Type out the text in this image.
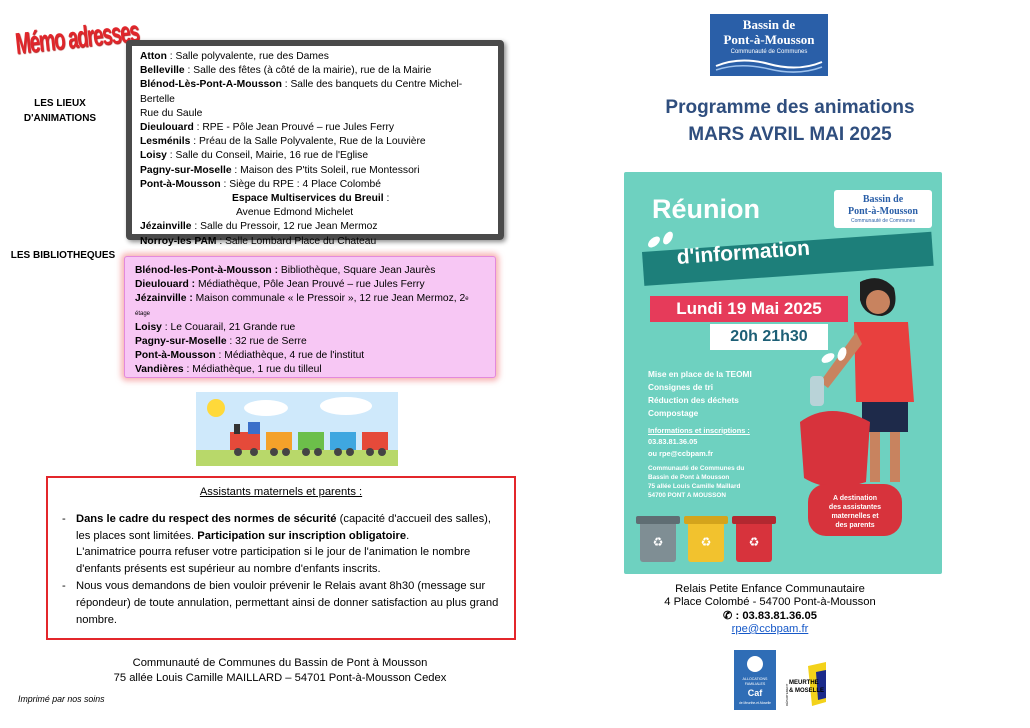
Mémo adresses
LES LIEUX
D'ANIMATIONS
LES BIBLIOTHEQUES
Atton : Salle polyvalente, rue des Dames
Belleville : Salle des fêtes (à côté de la mairie), rue de la Mairie
Blénod-Lès-Pont-A-Mousson : Salle des banquets du Centre Michel-Bertelle
Rue du Saule
Dieulouard : RPE - Pôle Jean Prouvé – rue Jules Ferry
Lesménils : Préau de la Salle Polyvalente, Rue de la Louvière
Loisy : Salle du Conseil, Mairie, 16 rue de l'Eglise
Pagny-sur-Moselle : Maison des P'tits Soleil, rue Montessori
Pont-à-Mousson : Siège du RPE : 4 Place Colombé
Espace Multiservices du Breuil :
Avenue Edmond Michelet
Jézainville : Salle du Pressoir, 12 rue Jean Mermoz
Norroy-les PAM : Salle Lombard Place du Chateau
Blénod-les-Pont-à-Mousson : Bibliothèque, Square Jean Jaurès
Dieulouard : Médiathèque, Pôle Jean Prouvé – rue Jules Ferry
Jézainville : Maison communale « le Pressoir », 12 rue Jean Mermoz, $2^{e étage}$
Loisy : Le Couarail, 21 Grande rue
Pagny-sur-Moselle : 32 rue de Serre
Pont-à-Mousson : Médiathèque, 4 rue de l'institut
Vandières : Médiathèque, 1 rue du tilleul
Assistants maternels et parents :
- Dans le cadre du respect des normes de sécurité (capacité d'accueil des salles), les places sont limitées. Participation sur inscription obligatoire.
L'animatrice pourra refuser votre participation si le jour de l'animation le nombre d'enfants présents est supérieur au nombre d'enfants inscrits.
- Nous vous demandons de bien vouloir prévenir le Relais avant 8h30 (message sur répondeur) de toute annulation, permettant ainsi de donner satisfaction au plus grand nombre.
Communauté de Communes du Bassin de Pont à Mousson
75 allée Louis Camille MAILLARD – 54701 Pont-à-Mousson Cedex
Imprimé par nos soins
Bassin de
Pont-à-Mousson
Communauté de Communes
Programme des animations
MARS AVRIL MAI 2025
Réunion	Bassin de
Pont-à-Mousson
Communauté de Communes
d'information
Lundi 19 Mai 2025
20h 21h30
Mise en place de la TEOMI
Consignes de tri
Réduction des déchets
Compostage
Informations et inscriptions :
03.83.81.36.05
ou rpe@ccbpam.fr
Communauté de Communes du
Bassin de Pont à Mousson
75 allée Louis Camille Maillard
54700 PONT A MOUSSON
♻	♻	♻
A destination
des assistantes
maternelles et
des parents
Relais Petite Enfance Communautaire
4 Place Colombé - 54700 Pont-à-Mousson
✆ : 03.83.81.36.05
rpe@ccbpam.fr
ALLOCATIONS
FAMILIALES
Caf
de Meurthe-et-Moselle
MEURTHE
& MOSELLE
DÉPARTEMENT
